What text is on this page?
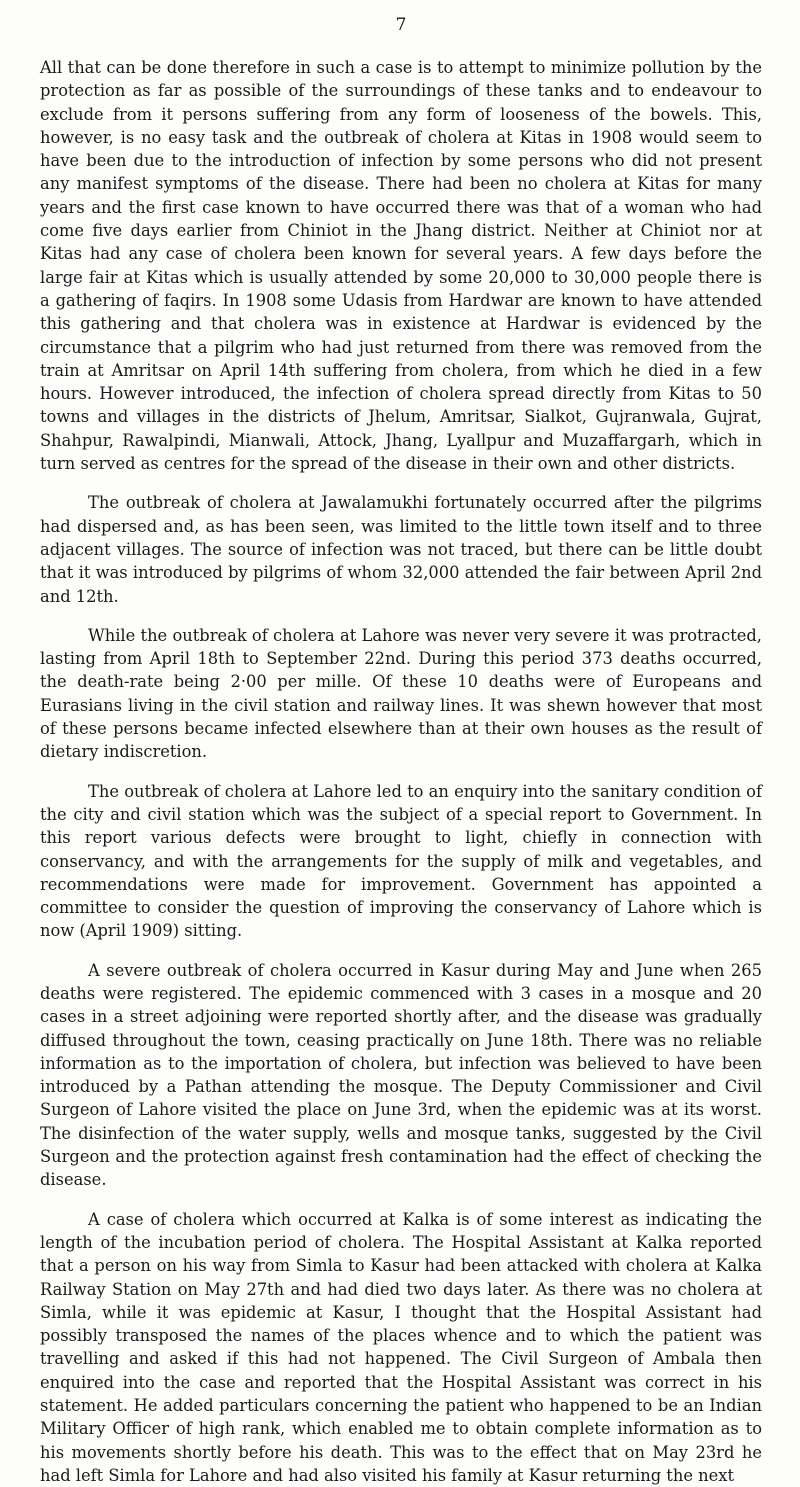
7

All that can be done therefore in such a case is to attempt to minimize pollution by the protection as far as possible of the surroundings of these tanks and to endeavour to exclude from it persons suffering from any form of looseness of the bowels. This, however, is no easy task and the outbreak of cholera at Kitas in 1908 would seem to have been due to the introduction of infection by some persons who did not present any manifest symptoms of the disease. There had been no cholera at Kitas for many years and the first case known to have occurred there was that of a woman who had come five days earlier from Chiniot in the Jhang district. Neither at Chiniot nor at Kitas had any case of cholera been known for several years. A few days before the large fair at Kitas which is usually attended by some 20,000 to 30,000 people there is a gathering of faqirs. In 1908 some Udasis from Hardwar are known to have attended this gathering and that cholera was in existence at Hardwar is evidenced by the circumstance that a pilgrim who had just returned from there was removed from the train at Amritsar on April 14th suffering from cholera, from which he died in a few hours. However introduced, the infection of cholera spread directly from Kitas to 50 towns and villages in the districts of Jhelum, Amritsar, Sialkot, Gujranwala, Gujrat, Shahpur, Rawalpindi, Mianwali, Attock, Jhang, Lyallpur and Muzaffargarh, which in turn served as centres for the spread of the disease in their own and other districts.

The outbreak of cholera at Jawalamukhi fortunately occurred after the pilgrims had dispersed and, as has been seen, was limited to the little town itself and to three adjacent villages. The source of infection was not traced, but there can be little doubt that it was introduced by pilgrims of whom 32,000 attended the fair between April 2nd and 12th.

While the outbreak of cholera at Lahore was never very severe it was protracted, lasting from April 18th to September 22nd. During this period 373 deaths occurred, the death-rate being 2·00 per mille. Of these 10 deaths were of Europeans and Eurasians living in the civil station and railway lines. It was shewn however that most of these persons became infected elsewhere than at their own houses as the result of dietary indiscretion.

The outbreak of cholera at Lahore led to an enquiry into the sanitary condition of the city and civil station which was the subject of a special report to Government. In this report various defects were brought to light, chiefly in connection with conservancy, and with the arrangements for the supply of milk and vegetables, and recommendations were made for improvement. Government has appointed a committee to consider the question of improving the conservancy of Lahore which is now (April 1909) sitting.

A severe outbreak of cholera occurred in Kasur during May and June when 265 deaths were registered. The epidemic commenced with 3 cases in a mosque and 20 cases in a street adjoining were reported shortly after, and the disease was gradually diffused throughout the town, ceasing practically on June 18th. There was no reliable information as to the importation of cholera, but infection was believed to have been introduced by a Pathan attending the mosque. The Deputy Commissioner and Civil Surgeon of Lahore visited the place on June 3rd, when the epidemic was at its worst. The disinfection of the water supply, wells and mosque tanks, suggested by the Civil Surgeon and the protection against fresh contamination had the effect of checking the disease.

A case of cholera which occurred at Kalka is of some interest as indicating the length of the incubation period of cholera. The Hospital Assistant at Kalka reported that a person on his way from Simla to Kasur had been attacked with cholera at Kalka Railway Station on May 27th and had died two days later. As there was no cholera at Simla, while it was epidemic at Kasur, I thought that the Hospital Assistant had possibly transposed the names of the places whence and to which the patient was travelling and asked if this had not happened. The Civil Surgeon of Ambala then enquired into the case and reported that the Hospital Assistant was correct in his statement. He added particulars concerning the patient who happened to be an Indian Military Officer of high rank, which enabled me to obtain complete information as to his movements shortly before his death. This was to the effect that on May 23rd he had left Simla for Lahore and had also visited his family at Kasur returning the next
